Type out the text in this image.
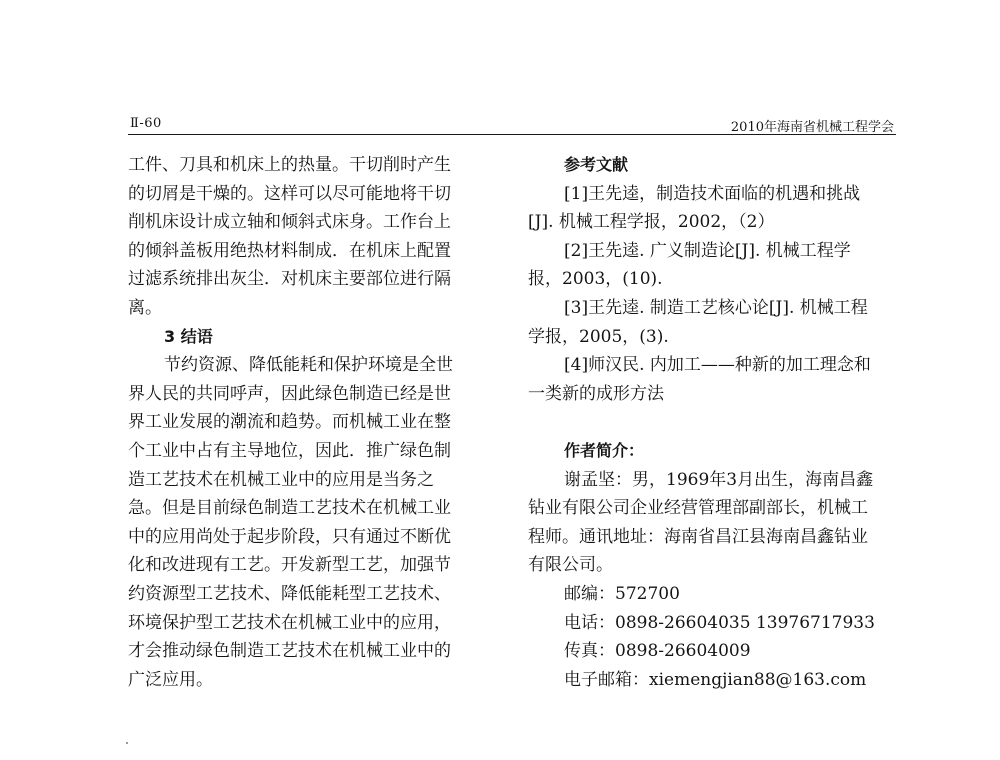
Ⅱ-60	2010年海南省机械工程学会
工件、刀具和机床上的热量。干切削时产生
的切屑是干燥的。这样可以尽可能地将干切
削机床设计成立轴和倾斜式床身。工作台上
的倾斜盖板用绝热材料制成．在机床上配置
过滤系统排出灰尘．对机床主要部位进行隔
离。
3 结语
节约资源、降低能耗和保护环境是全世
界人民的共同呼声，因此绿色制造已经是世
界工业发展的潮流和趋势。而机械工业在整
个工业中占有主导地位，因此．推广绿色制
造工艺技术在机械工业中的应用是当务之
急。但是目前绿色制造工艺技术在机械工业
中的应用尚处于起步阶段，只有通过不断优
化和改进现有工艺。开发新型工艺，加强节
约资源型工艺技术、降低能耗型工艺技术、
环境保护型工艺技术在机械工业中的应用，
才会推动绿色制造工艺技术在机械工业中的
广泛应用。
参考文献
[1]王先逵，制造技术面临的机遇和挑战
[J]. 机械工程学报，2002，（2）
[2]王先逵. 广义制造论[J]. 机械工程学
报，2003，(10).
[3]王先逵. 制造工艺核心论[J]. 机械工程
学报，2005，(3).
[4]师汉民. 内加工——种新的加工理念和
一类新的成形方法
作者简介：
谢孟坚：男，1969年3月出生，海南昌鑫
钻业有限公司企业经营管理部副部长，机械工
程师。通讯地址：海南省昌江县海南昌鑫钻业
有限公司。
邮编：572700
电话：0898-26604035 13976717933
传真：0898-26604009
电子邮箱：xiemengjian88@163.com
